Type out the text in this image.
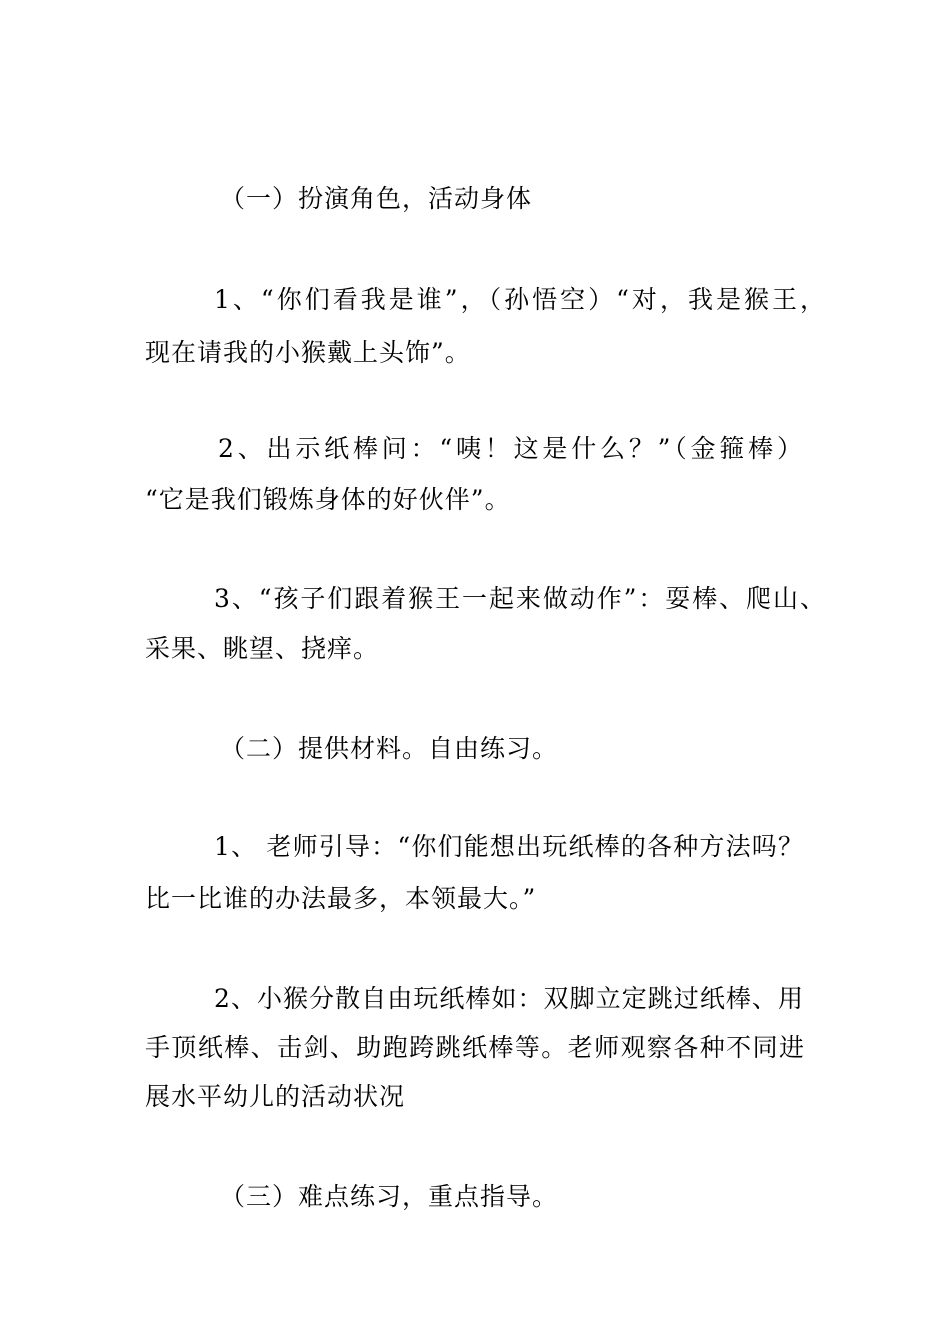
（一）扮演角色，活动身体
1、“你们看我是谁”，（孙悟空）“对，我是猴王，
现在请我的小猴戴上头饰”。
2、出示纸棒问：“咦！这是什么？”（金箍棒）
“它是我们锻炼身体的好伙伴”。
3、“孩子们跟着猴王一起来做动作”：耍棒、爬山、
采果、眺望、挠痒。
（二）提供材料。自由练习。
1、 老师引导：“你们能想出玩纸棒的各种方法吗？
比一比谁的办法最多，本领最大。”
2、小猴分散自由玩纸棒如：双脚立定跳过纸棒、用
手顶纸棒、击剑、助跑跨跳纸棒等。老师观察各种不同进
展水平幼儿的活动状况
（三）难点练习，重点指导。
